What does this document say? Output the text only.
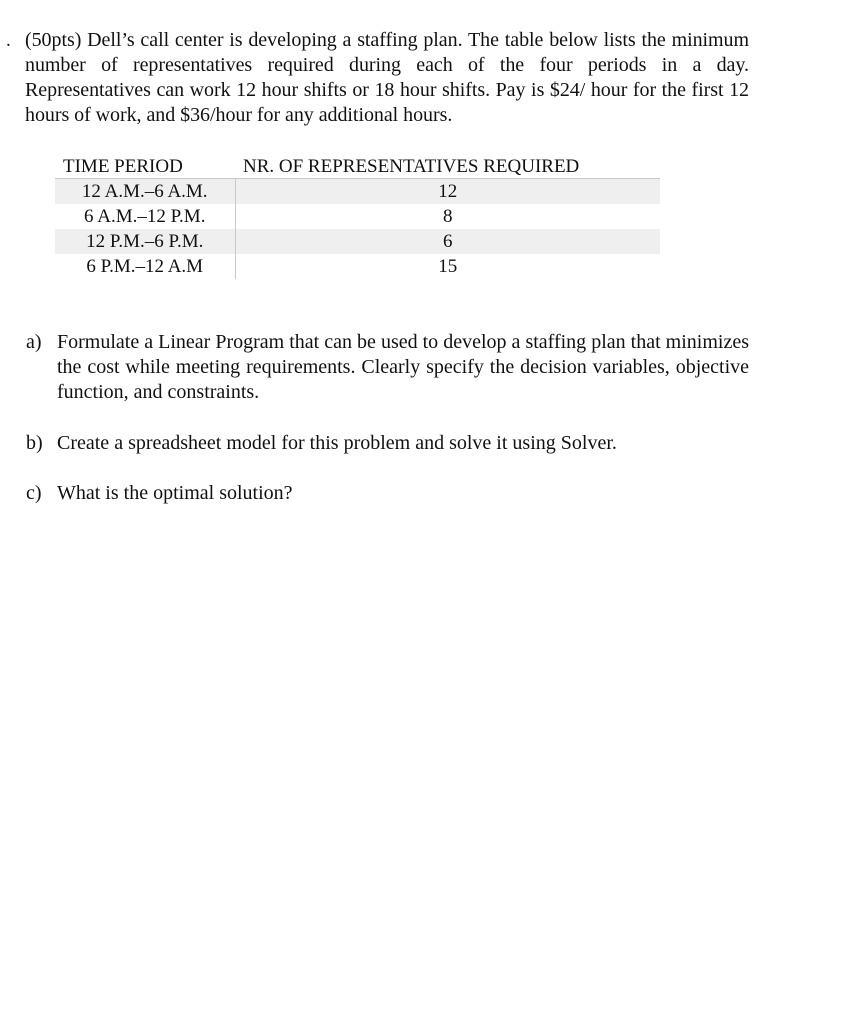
. (50pts) Dell’s call center is developing a staffing plan. The table below lists the minimum number of representatives required during each of the four periods in a day. Representatives can work 12 hour shifts or 18 hour shifts. Pay is $24/ hour for the first 12 hours of work, and $36/hour for any additional hours.

TIME PERIOD	NR. OF REPRESENTATIVES REQUIRED
12 A.M.–6 A.M.	12
6 A.M.–12 P.M.	8
12 P.M.–6 P.M.	6
6 P.M.–12 A.M	15
a) Formulate a Linear Program that can be used to develop a staffing plan that minimizes the cost while meeting requirements. Clearly specify the decision variables, objective function, and constraints.
b) Create a spreadsheet model for this problem and solve it using Solver.
c) What is the optimal solution?
